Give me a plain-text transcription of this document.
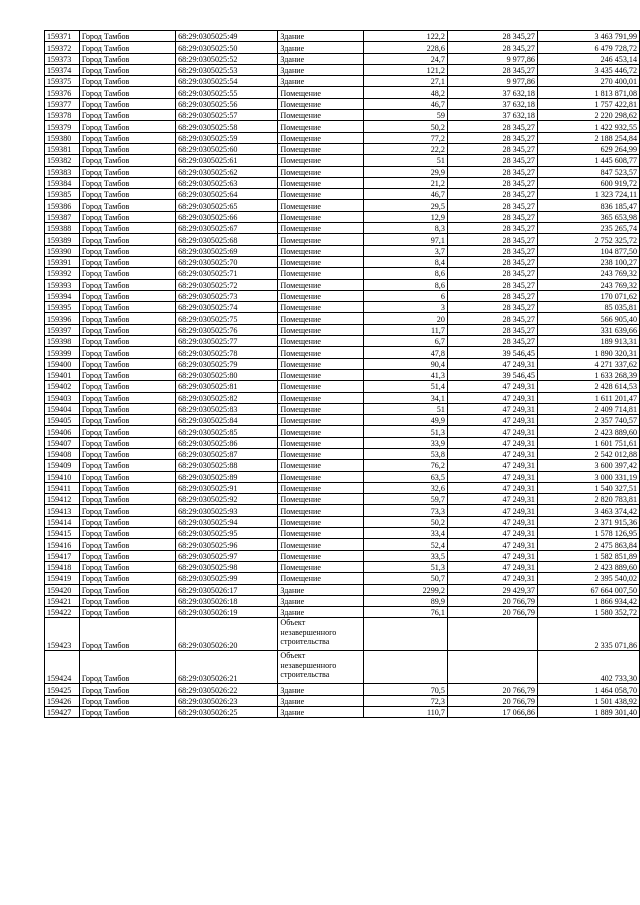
159371	Город Тамбов	68:29:0305025:49	Здание	122,2	28 345,27	3 463 791,99
159372	Город Тамбов	68:29:0305025:50	Здание	228,6	28 345,27	6 479 728,72
159373	Город Тамбов	68:29:0305025:52	Здание	24,7	9 977,86	246 453,14
159374	Город Тамбов	68:29:0305025:53	Здание	121,2	28 345,27	3 435 446,72
159375	Город Тамбов	68:29:0305025:54	Здание	27,1	9 977,86	270 400,01
159376	Город Тамбов	68:29:0305025:55	Помещение	48,2	37 632,18	1 813 871,08
159377	Город Тамбов	68:29:0305025:56	Помещение	46,7	37 632,18	1 757 422,81
159378	Город Тамбов	68:29:0305025:57	Помещение	59	37 632,18	2 220 298,62
159379	Город Тамбов	68:29:0305025:58	Помещение	50,2	28 345,27	1 422 932,55
159380	Город Тамбов	68:29:0305025:59	Помещение	77,2	28 345,27	2 188 254,84
159381	Город Тамбов	68:29:0305025:60	Помещение	22,2	28 345,27	629 264,99
159382	Город Тамбов	68:29:0305025:61	Помещение	51	28 345,27	1 445 608,77
159383	Город Тамбов	68:29:0305025:62	Помещение	29,9	28 345,27	847 523,57
159384	Город Тамбов	68:29:0305025:63	Помещение	21,2	28 345,27	600 919,72
159385	Город Тамбов	68:29:0305025:64	Помещение	46,7	28 345,27	1 323 724,11
159386	Город Тамбов	68:29:0305025:65	Помещение	29,5	28 345,27	836 185,47
159387	Город Тамбов	68:29:0305025:66	Помещение	12,9	28 345,27	365 653,98
159388	Город Тамбов	68:29:0305025:67	Помещение	8,3	28 345,27	235 265,74
159389	Город Тамбов	68:29:0305025:68	Помещение	97,1	28 345,27	2 752 325,72
159390	Город Тамбов	68:29:0305025:69	Помещение	3,7	28 345,27	104 877,50
159391	Город Тамбов	68:29:0305025:70	Помещение	8,4	28 345,27	238 100,27
159392	Город Тамбов	68:29:0305025:71	Помещение	8,6	28 345,27	243 769,32
159393	Город Тамбов	68:29:0305025:72	Помещение	8,6	28 345,27	243 769,32
159394	Город Тамбов	68:29:0305025:73	Помещение	6	28 345,27	170 071,62
159395	Город Тамбов	68:29:0305025:74	Помещение	3	28 345,27	85 035,81
159396	Город Тамбов	68:29:0305025:75	Помещение	20	28 345,27	566 905,40
159397	Город Тамбов	68:29:0305025:76	Помещение	11,7	28 345,27	331 639,66
159398	Город Тамбов	68:29:0305025:77	Помещение	6,7	28 345,27	189 913,31
159399	Город Тамбов	68:29:0305025:78	Помещение	47,8	39 546,45	1 890 320,31
159400	Город Тамбов	68:29:0305025:79	Помещение	90,4	47 249,31	4 271 337,62
159401	Город Тамбов	68:29:0305025:80	Помещение	41,3	39 546,45	1 633 268,39
159402	Город Тамбов	68:29:0305025:81	Помещение	51,4	47 249,31	2 428 614,53
159403	Город Тамбов	68:29:0305025:82	Помещение	34,1	47 249,31	1 611 201,47
159404	Город Тамбов	68:29:0305025:83	Помещение	51	47 249,31	2 409 714,81
159405	Город Тамбов	68:29:0305025:84	Помещение	49,9	47 249,31	2 357 740,57
159406	Город Тамбов	68:29:0305025:85	Помещение	51,3	47 249,31	2 423 889,60
159407	Город Тамбов	68:29:0305025:86	Помещение	33,9	47 249,31	1 601 751,61
159408	Город Тамбов	68:29:0305025:87	Помещение	53,8	47 249,31	2 542 012,88
159409	Город Тамбов	68:29:0305025:88	Помещение	76,2	47 249,31	3 600 397,42
159410	Город Тамбов	68:29:0305025:89	Помещение	63,5	47 249,31	3 000 331,19
159411	Город Тамбов	68:29:0305025:91	Помещение	32,6	47 249,31	1 540 327,51
159412	Город Тамбов	68:29:0305025:92	Помещение	59,7	47 249,31	2 820 783,81
159413	Город Тамбов	68:29:0305025:93	Помещение	73,3	47 249,31	3 463 374,42
159414	Город Тамбов	68:29:0305025:94	Помещение	50,2	47 249,31	2 371 915,36
159415	Город Тамбов	68:29:0305025:95	Помещение	33,4	47 249,31	1 578 126,95
159416	Город Тамбов	68:29:0305025:96	Помещение	52,4	47 249,31	2 475 863,84
159417	Город Тамбов	68:29:0305025:97	Помещение	33,5	47 249,31	1 582 851,89
159418	Город Тамбов	68:29:0305025:98	Помещение	51,3	47 249,31	2 423 889,60
159419	Город Тамбов	68:29:0305025:99	Помещение	50,7	47 249,31	2 395 540,02
159420	Город Тамбов	68:29:0305026:17	Здание	2299,2	29 429,37	67 664 007,50
159421	Город Тамбов	68:29:0305026:18	Здание	89,9	20 766,79	1 866 934,42
159422	Город Тамбов	68:29:0305026:19	Здание	76,1	20 766,79	1 580 352,72
159423	Город Тамбов	68:29:0305026:20	Объект незавершенного строительства			2 335 071,86
159424	Город Тамбов	68:29:0305026:21	Объект незавершенного строительства			402 733,30
159425	Город Тамбов	68:29:0305026:22	Здание	70,5	20 766,79	1 464 058,70
159426	Город Тамбов	68:29:0305026:23	Здание	72,3	20 766,79	1 501 438,92
159427	Город Тамбов	68:29:0305026:25	Здание	110,7	17 066,86	1 889 301,40
